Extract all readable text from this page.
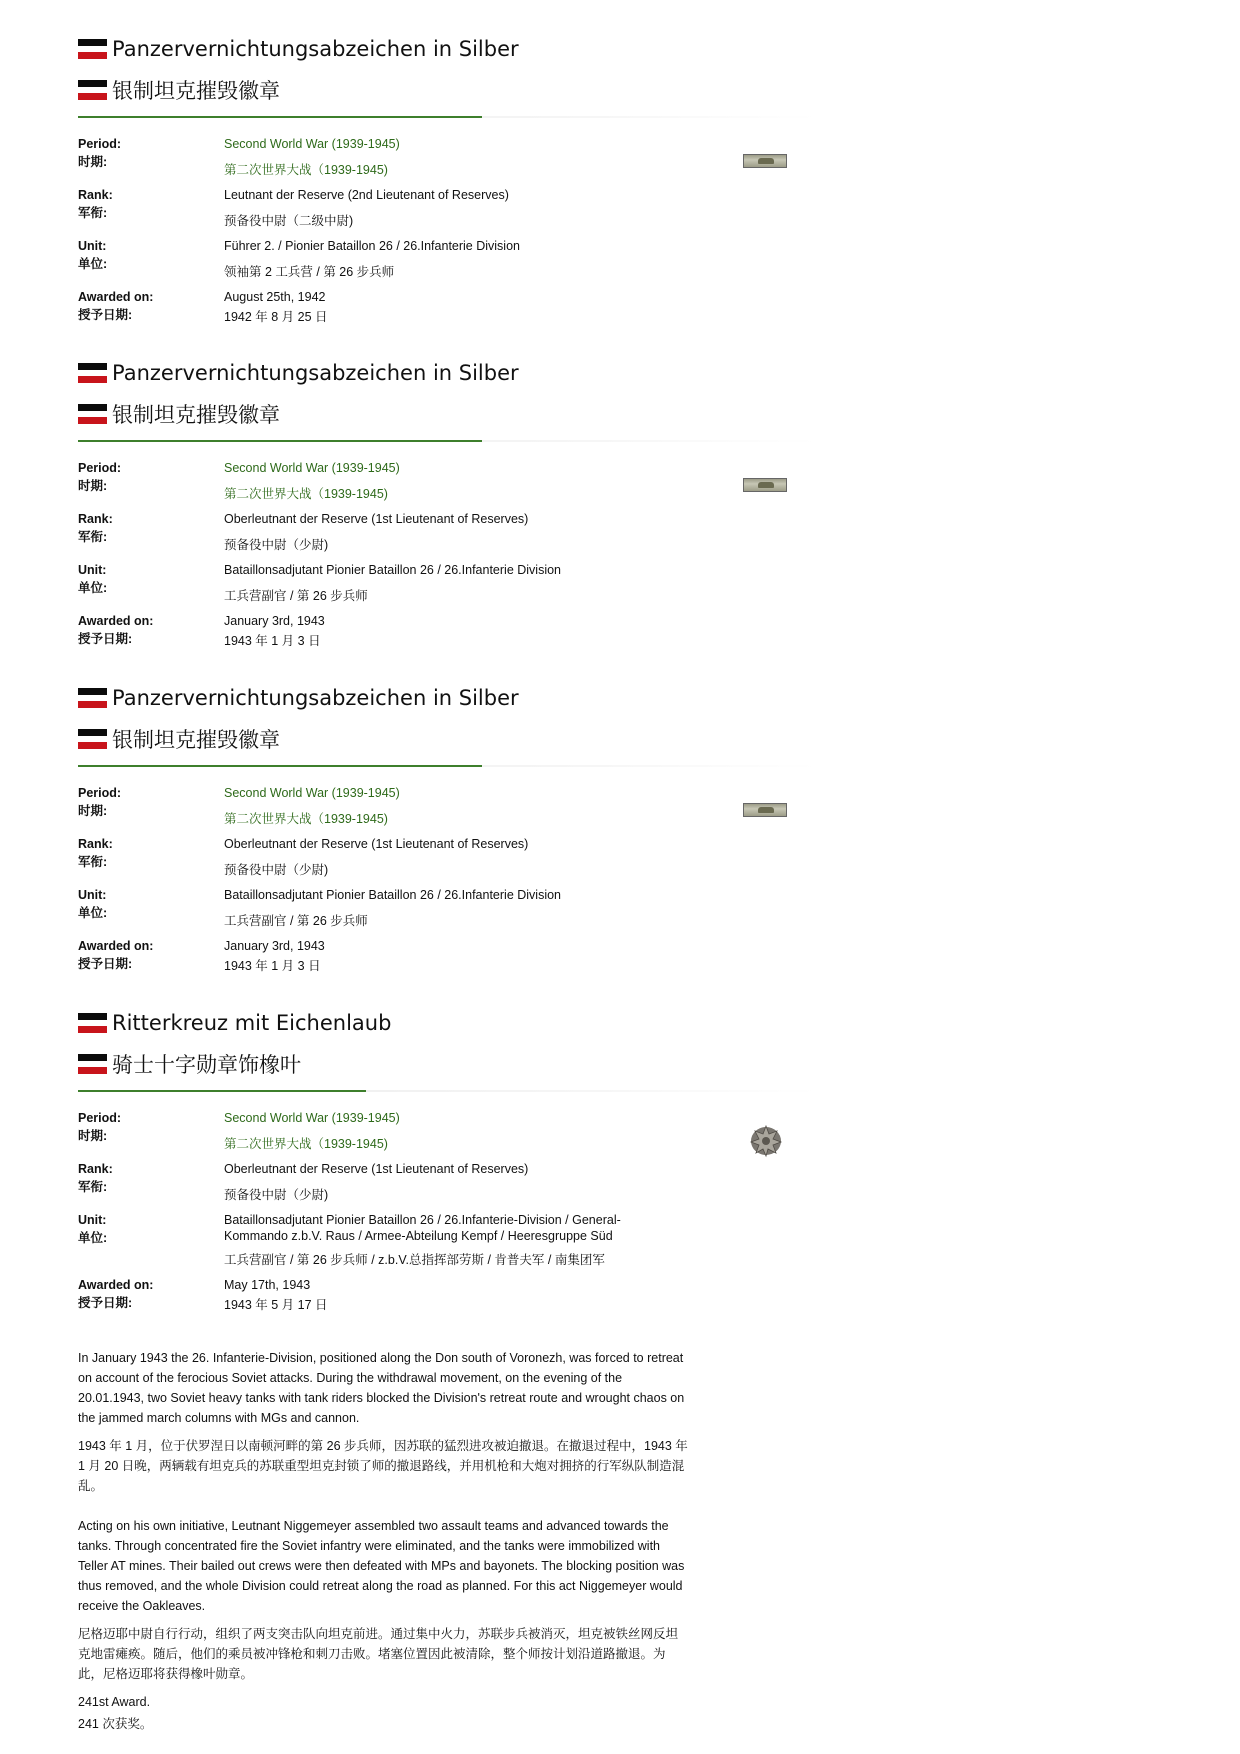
Panzervernichtungsabzeichen in Silber
银制坦克摧毁徽章
Period:
时期:
Second World War (1939-1945)
第二次世界大战（1939-1945)
Rank:
军衔:
Leutnant der Reserve (2nd Lieutenant of Reserves)
预备役中尉（二级中尉)
Unit:
单位:
Führer 2. / Pionier Bataillon 26 / 26.Infanterie Division
领袖第 2 工兵营 / 第 26 步兵师
Awarded on:
授予日期:
August 25th, 1942
1942 年 8 月 25 日
Panzervernichtungsabzeichen in Silber
银制坦克摧毁徽章
Period:
时期:
Second World War (1939-1945)
第二次世界大战（1939-1945)
Rank:
军衔:
Oberleutnant der Reserve (1st Lieutenant of Reserves)
预备役中尉（少尉)
Unit:
单位:
Bataillonsadjutant Pionier Bataillon 26 / 26.Infanterie Division
工兵营副官 / 第 26 步兵师
Awarded on:
授予日期:
January 3rd, 1943
1943 年 1 月 3 日
Panzervernichtungsabzeichen in Silber
银制坦克摧毁徽章
Period:
时期:
Second World War (1939-1945)
第二次世界大战（1939-1945)
Rank:
军衔:
Oberleutnant der Reserve (1st Lieutenant of Reserves)
预备役中尉（少尉)
Unit:
单位:
Bataillonsadjutant Pionier Bataillon 26 / 26.Infanterie Division
工兵营副官 / 第 26 步兵师
Awarded on:
授予日期:
January 3rd, 1943
1943 年 1 月 3 日
Ritterkreuz mit Eichenlaub
骑士十字勋章饰橡叶
Period:
时期:
Second World War (1939-1945)
第二次世界大战（1939-1945)
Rank:
军衔:
Oberleutnant der Reserve (1st Lieutenant of Reserves)
预备役中尉（少尉)
Unit:
单位:
Bataillonsadjutant Pionier Bataillon 26 / 26.Infanterie-Division / General-Kommando z.b.V. Raus / Armee-Abteilung Kempf / Heeresgruppe Süd
工兵营副官 / 第 26 步兵师 / z.b.V.总指挥部劳斯 / 肯普夫军 / 南集团军
Awarded on:
授予日期:
May 17th, 1943
1943 年 5 月 17 日

In January 1943 the 26. Infanterie-Division, positioned along the Don south of Voronezh, was forced to retreat on account of the ferocious Soviet attacks. During the withdrawal movement, on the evening of the 20.01.1943, two Soviet heavy tanks with tank riders blocked the Division's retreat route and wrought chaos on the jammed march columns with MGs and cannon.

1943 年 1 月，位于伏罗涅日以南顿河畔的第 26 步兵师，因苏联的猛烈进攻被迫撤退。在撤退过程中，1943 年 1 月 20 日晚，两辆载有坦克兵的苏联重型坦克封锁了师的撤退路线，并用机枪和大炮对拥挤的行军纵队制造混乱。

Acting on his own initiative, Leutnant Niggemeyer assembled two assault teams and advanced towards the tanks. Through concentrated fire the Soviet infantry were eliminated, and the tanks were immobilized with Teller AT mines. Their bailed out crews were then defeated with MPs and bayonets. The blocking position was thus removed, and the whole Division could retreat along the road as planned. For this act Niggemeyer would receive the Oakleaves.

尼格迈耶中尉自行行动，组织了两支突击队向坦克前进。通过集中火力，苏联步兵被消灭，坦克被铁丝网反坦克地雷瘫痪。随后，他们的乘员被冲锋枪和刺刀击败。堵塞位置因此被清除，整个师按计划沿道路撤退。为此，尼格迈耶将获得橡叶勋章。

241st Award.

241 次获奖。
